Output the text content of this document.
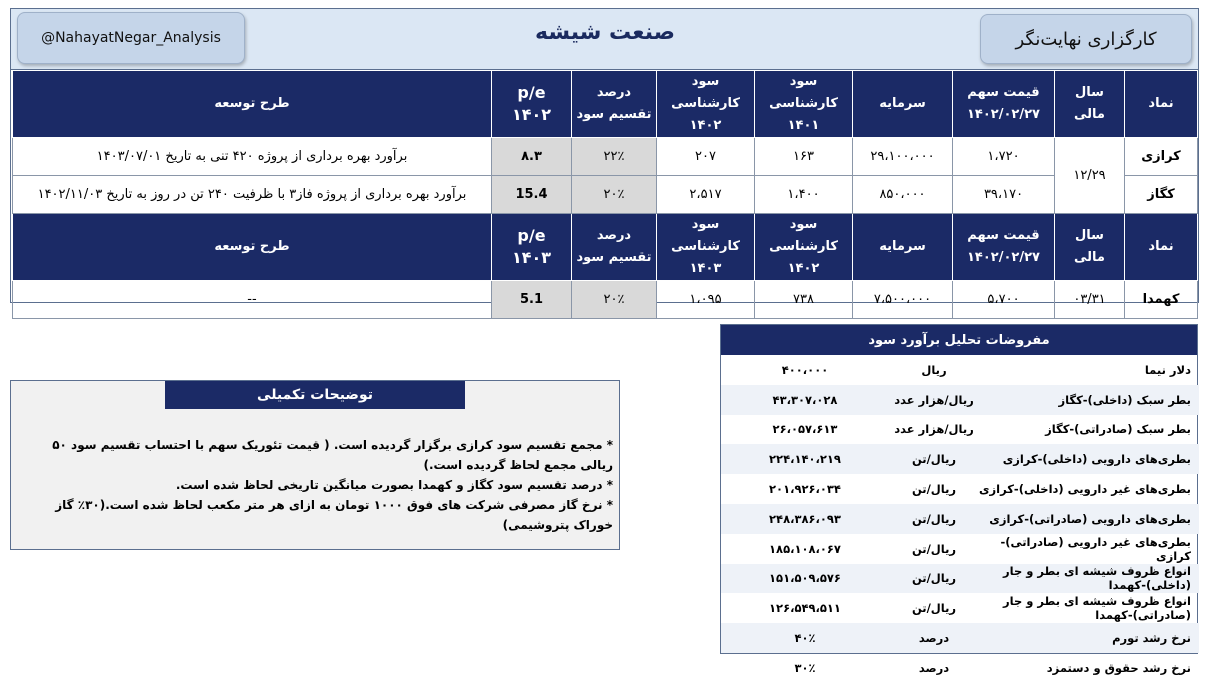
@NahayatNegar_Analysis	صنعت شیشه	کارگزاری نهایت‌نگر
نماد	سال مالی	قیمت سهم ۱۴۰۲/۰۲/۲۷	سرمایه	سود کارشناسی ۱۴۰۱	سود کارشناسی ۱۴۰۲	درصد تقسیم سود	p/e ۱۴۰۲	طرح توسعه
کرازی	۱۲/۲۹	۱،۷۲۰	۲۹،۱۰۰،۰۰۰	۱۶۳	۲۰۷	۲۲٪	۸.۳	برآورد بهره برداری از پروژه ۴۲۰ تنی به تاریخ ۱۴۰۳/۰۷/۰۱
کگاز		۳۹،۱۷۰	۸۵۰،۰۰۰	۱،۴۰۰	۲،۵۱۷	۲۰٪	15.4	برآورد بهره برداری از پروژه فاز۳ با ظرفیت ۲۴۰ تن در روز به تاریخ ۱۴۰۲/۱۱/۰۳
نماد	سال مالی	قیمت سهم ۱۴۰۲/۰۲/۲۷	سرمایه	سود کارشناسی ۱۴۰۲	سود کارشناسی ۱۴۰۳	درصد تقسیم سود	p/e ۱۴۰۳	طرح توسعه
کهمدا	۰۳/۳۱	۵،۷۰۰	۷،۵۰۰،۰۰۰	۷۳۸	۱،۰۹۵	۲۰٪	5.1	--
توضیحات تکمیلی
* مجمع تقسیم سود کرازی برگزار گردیده است. ( قیمت تئوریک سهم با احتساب تقسیم سود ۵۰ ریالی مجمع لحاظ گردیده است.)
* درصد تقسیم سود کگاز و کهمدا بصورت میانگین تاریخی لحاظ شده است.
* نرخ گاز مصرفی شرکت های فوق ۱۰۰۰ تومان به ازای هر متر مکعب لحاظ شده است.(۳۰٪ گاز خوراک پتروشیمی)
مفروضات تحلیل برآورد سود
دلار نیما	ریال	۴۰۰،۰۰۰
بطر سبک (داخلی)-کگاز	ریال/هزار عدد	۴۳،۳۰۷،۰۲۸
بطر سبک (صادراتی)-کگاز	ریال/هزار عدد	۲۶،۰۵۷،۶۱۳
بطری‌های دارویی (داخلی)-کرازی	ریال/تن	۲۲۴،۱۴۰،۲۱۹
بطری‌های غیر دارویی (داخلی)-کرازی	ریال/تن	۲۰۱،۹۲۶،۰۳۴
بطری‌های دارویی (صادراتی)-کرازی	ریال/تن	۲۴۸،۳۸۶،۰۹۳
بطری‌های غیر دارویی (صادراتی)-کرازی	ریال/تن	۱۸۵،۱۰۸،۰۶۷
انواع ظروف شیشه ای بطر و جار (داخلی)-کهمدا	ریال/تن	۱۵۱،۵۰۹،۵۷۶
انواع ظروف شیشه ای بطر و جار (صادراتی)-کهمدا	ریال/تن	۱۲۶،۵۴۹،۵۱۱
نرخ رشد تورم	درصد	۴۰٪
نرخ رشد حقوق و دستمزد	درصد	۳۰٪
